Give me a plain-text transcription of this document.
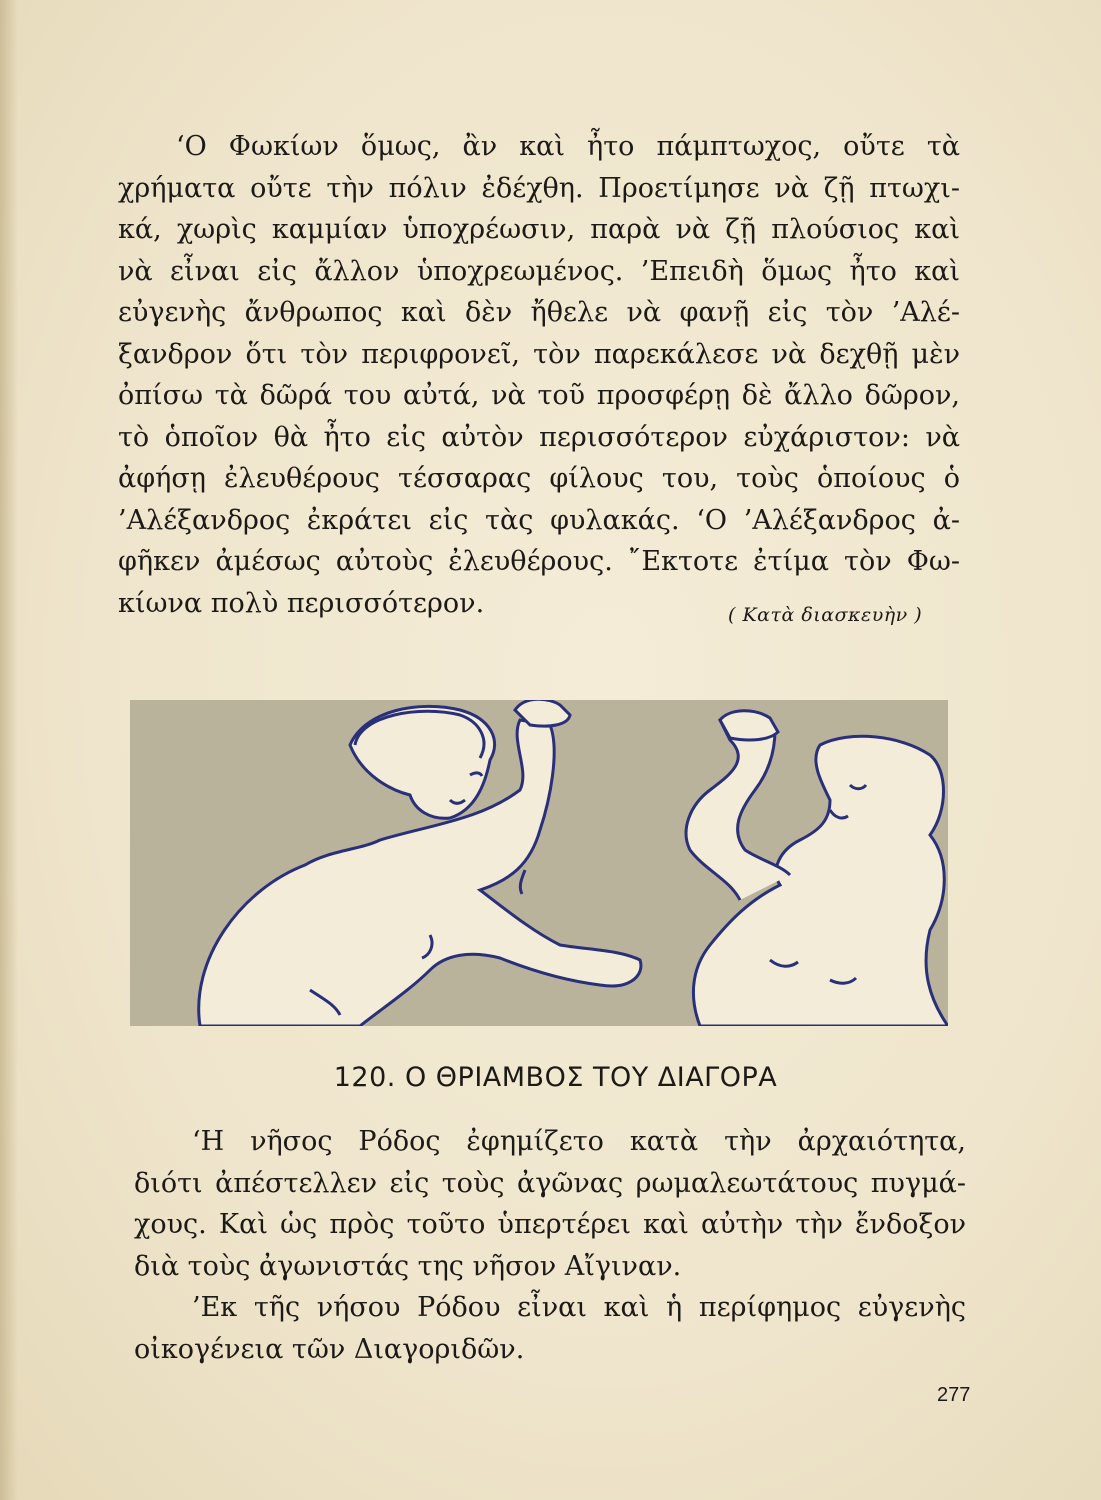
‘Ο Φωκίων ὅμως, ἂν καὶ ἦτο πάμπτωχος, οὔτε τὰ
χρήματα οὔτε τὴν πόλιν ἐδέχθη. Προετίμησε νὰ ζῇ πτωχι-
κά, χωρὶς καμμίαν ὑποχρέωσιν, παρὰ νὰ ζῇ πλούσιος καὶ
νὰ εἶναι εἰς ἄλλον ὑποχρεωμένος. ’Επειδὴ ὅμως ἦτο καὶ
εὐγενὴς ἄνθρωπος καὶ δὲν ἤθελε νὰ φανῇ εἰς τὸν ’Αλέ-
ξανδρον ὅτι τὸν περιφρονεῖ, τὸν παρεκάλεσε νὰ δεχθῇ μὲν
ὀπίσω τὰ δῶρά του αὐτά, νὰ τοῦ προσφέρῃ δὲ ἄλλο δῶρον,
τὸ ὁποῖον θὰ ἦτο εἰς αὐτὸν περισσότερον εὐχάριστον: νὰ
ἀφήσῃ ἐλευθέρους τέσσαρας φίλους του, τοὺς ὁποίους ὁ
’Αλέξανδρος ἐκράτει εἰς τὰς φυλακάς. ‘Ο ’Αλέξανδρος ἀ-
φῆκεν ἀμέσως αὐτοὺς ἐλευθέρους. ῎Εκτοτε ἐτίμα τὸν Φω-
κίωνα πολὺ περισσότερον.	( Κατὰ διασκευὴν )
120. Ο ΘΡΙΑΜΒΟΣ ΤΟΥ ΔΙΑΓΟΡΑ
‘Η νῆσος Ρόδος ἐφημίζετο κατὰ τὴν ἀρχαιότητα,
διότι ἀπέστελλεν εἰς τοὺς ἀγῶνας ρωμαλεωτάτους πυγμά-
χους. Καὶ ὡς πρὸς τοῦτο ὑπερτέρει καὶ αὐτὴν τὴν ἔνδοξον
διὰ τοὺς ἀγωνιστάς της νῆσον Αἴγιναν.
’Εκ τῆς νήσου Ρόδου εἶναι καὶ ἡ περίφημος εὐγενὴς
οἰκογένεια τῶν Διαγοριδῶν.
277
